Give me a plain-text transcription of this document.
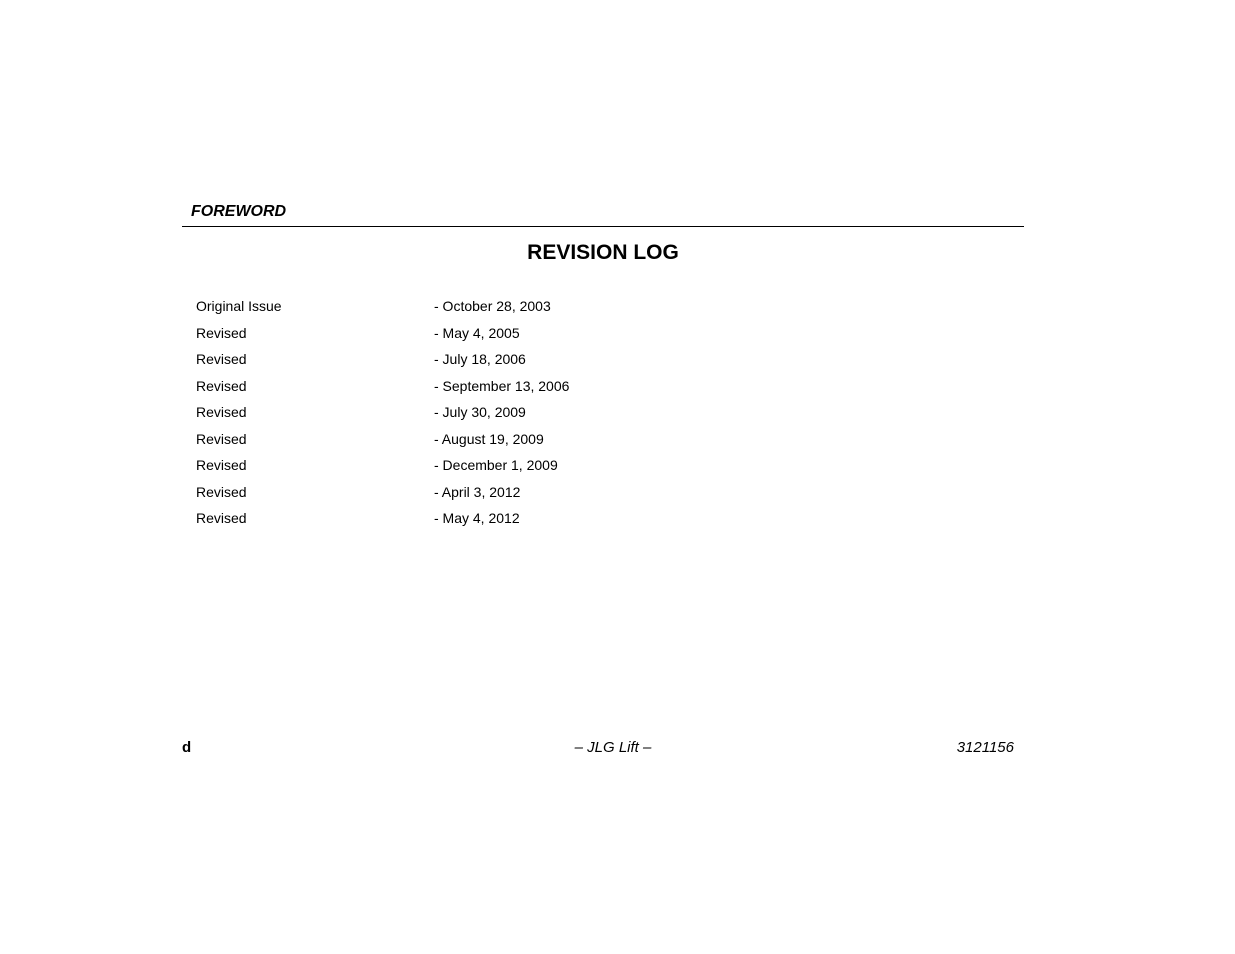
FOREWORD
REVISION LOG
Original Issue	- October 28, 2003
Revised	- May 4, 2005
Revised	- July 18, 2006
Revised	- September 13, 2006
Revised	- July 30, 2009
Revised	- August 19, 2009
Revised	- December 1, 2009
Revised	- April 3, 2012
Revised	- May 4, 2012
d	– JLG Lift –	3121156
